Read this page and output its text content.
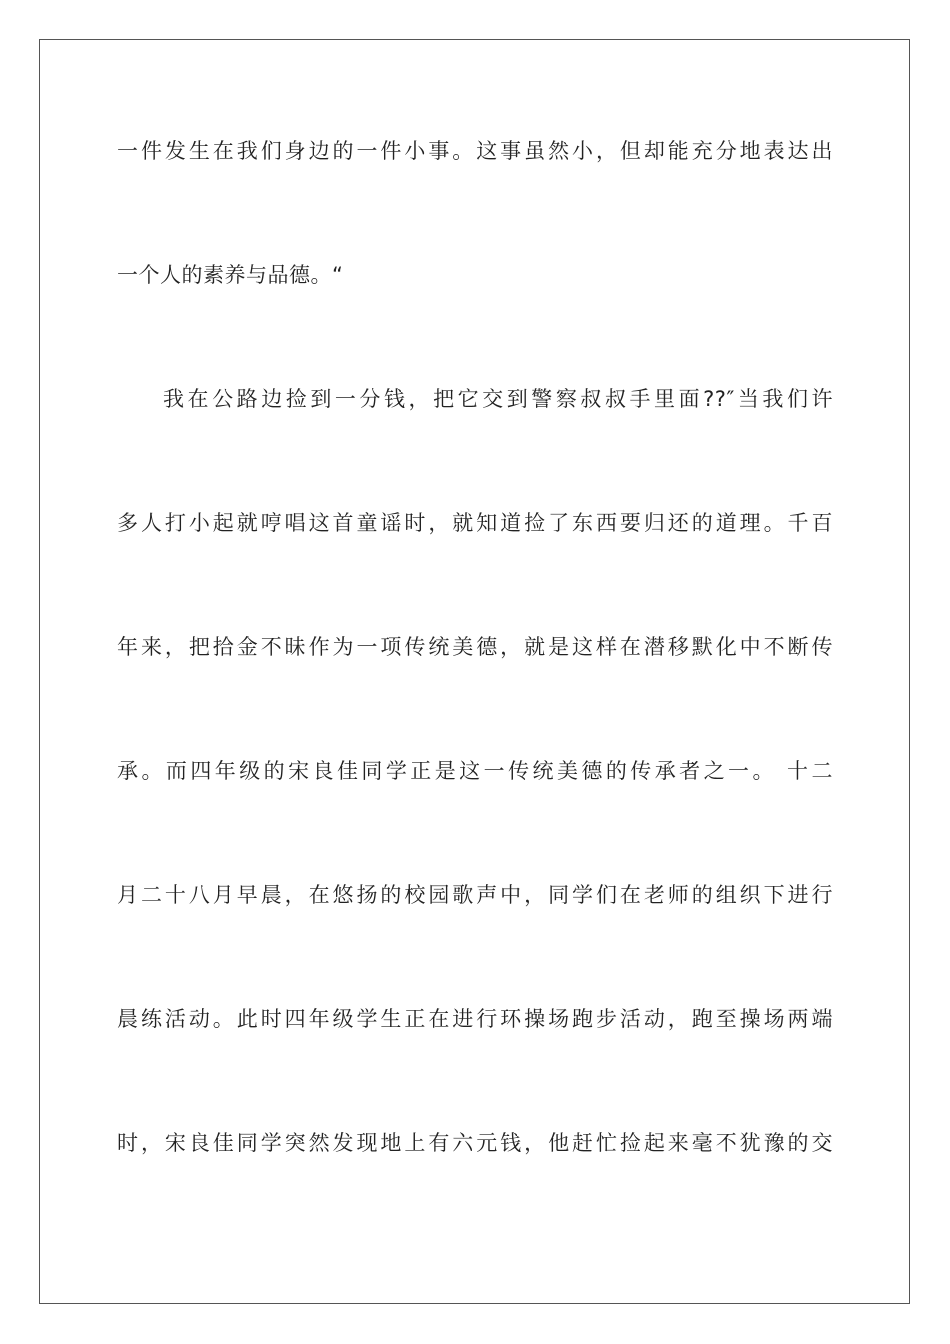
一件发生在我们身边的一件小事。这事虽然小，但却能充分地表达出

一个人的素养与品德。“

我在公路边捡到一分钱，把它交到警察叔叔手里面??″当我们许

多人打小起就哼唱这首童谣时，就知道捡了东西要归还的道理。千百

年来，把拾金不昧作为一项传统美德，就是这样在潜移默化中不断传

承。而四年级的宋良佳同学正是这一传统美德的传承者之一。 十二

月二十八月早晨，在悠扬的校园歌声中，同学们在老师的组织下进行

晨练活动。此时四年级学生正在进行环操场跑步活动，跑至操场两端

时，宋良佳同学突然发现地上有六元钱，他赶忙捡起来毫不犹豫的交
